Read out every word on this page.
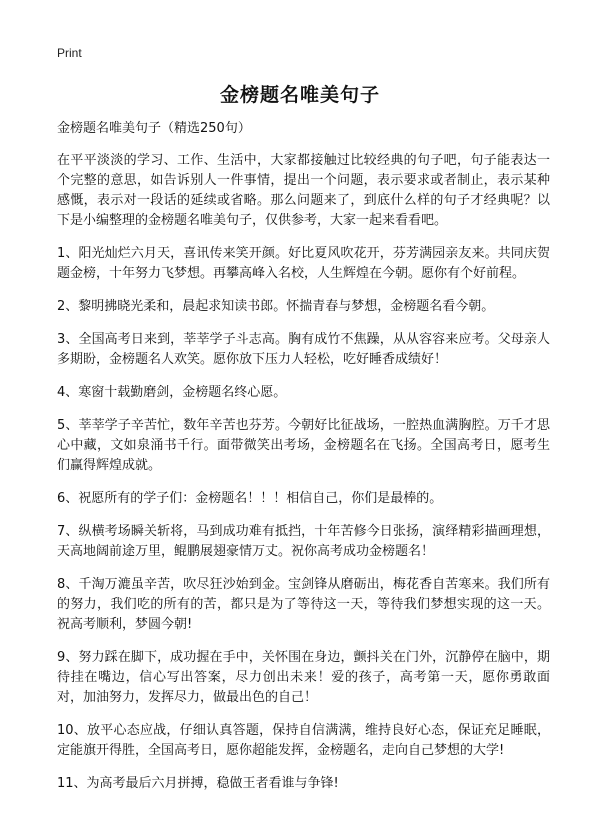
Print
金榜题名唯美句子

金榜题名唯美句子（精选250句）

在平平淡淡的学习、工作、生活中，大家都接触过比较经典的句子吧，句子能表达一个完整的意思，如告诉别人一件事情，提出一个问题，表示要求或者制止，表示某种感慨，表示对一段话的延续或省略。那么问题来了，到底什么样的句子才经典呢？以下是小编整理的金榜题名唯美句子，仅供参考，大家一起来看看吧。

1、阳光灿烂六月天，喜讯传来笑开颜。好比夏风吹花开，芬芳满园亲友来。共同庆贺题金榜，十年努力飞梦想。再攀高峰入名校，人生辉煌在今朝。愿你有个好前程。

2、黎明拂晓光柔和，晨起求知读书郎。怀揣青春与梦想，金榜题名看今朝。

3、全国高考日来到，莘莘学子斗志高。胸有成竹不焦躁，从从容容来应考。父母亲人多期盼，金榜题名人欢笑。愿你放下压力人轻松，吃好睡香成绩好！

4、寒窗十载勤磨剑，金榜题名终心愿。

5、莘莘学子辛苦忙，数年辛苦也芬芳。今朝好比征战场，一腔热血满胸腔。万千才思心中藏，文如泉涌书千行。面带微笑出考场，金榜题名在飞扬。全国高考日，愿考生们赢得辉煌成就。

6、祝愿所有的学子们：金榜题名！！！相信自己，你们是最棒的。

7、纵横考场瞬关斩将，马到成功难有抵挡，十年苦修今日张扬，演绎精彩描画理想，天高地阔前途万里，鲲鹏展翅豪情万丈。祝你高考成功金榜题名！

8、千淘万漉虽辛苦，吹尽狂沙始到金。宝剑锋从磨砺出，梅花香自苦寒来。我们所有的努力，我们吃的所有的苦，都只是为了等待这一天，等待我们梦想实现的这一天。祝高考顺利，梦圆今朝!

9、努力踩在脚下，成功握在手中，关怀围在身边，颤抖关在门外，沉静停在脑中，期待挂在嘴边，信心写出答案，尽力创出未来！爱的孩子，高考第一天，愿你勇敢面对，加油努力，发挥尽力，做最出色的自己！

10、放平心态应战，仔细认真答题，保持自信满满，维持良好心态，保证充足睡眠，定能旗开得胜，全国高考日，愿你超能发挥，金榜题名，走向自己梦想的大学!

11、为高考最后六月拼搏，稳做王者看谁与争锋!
